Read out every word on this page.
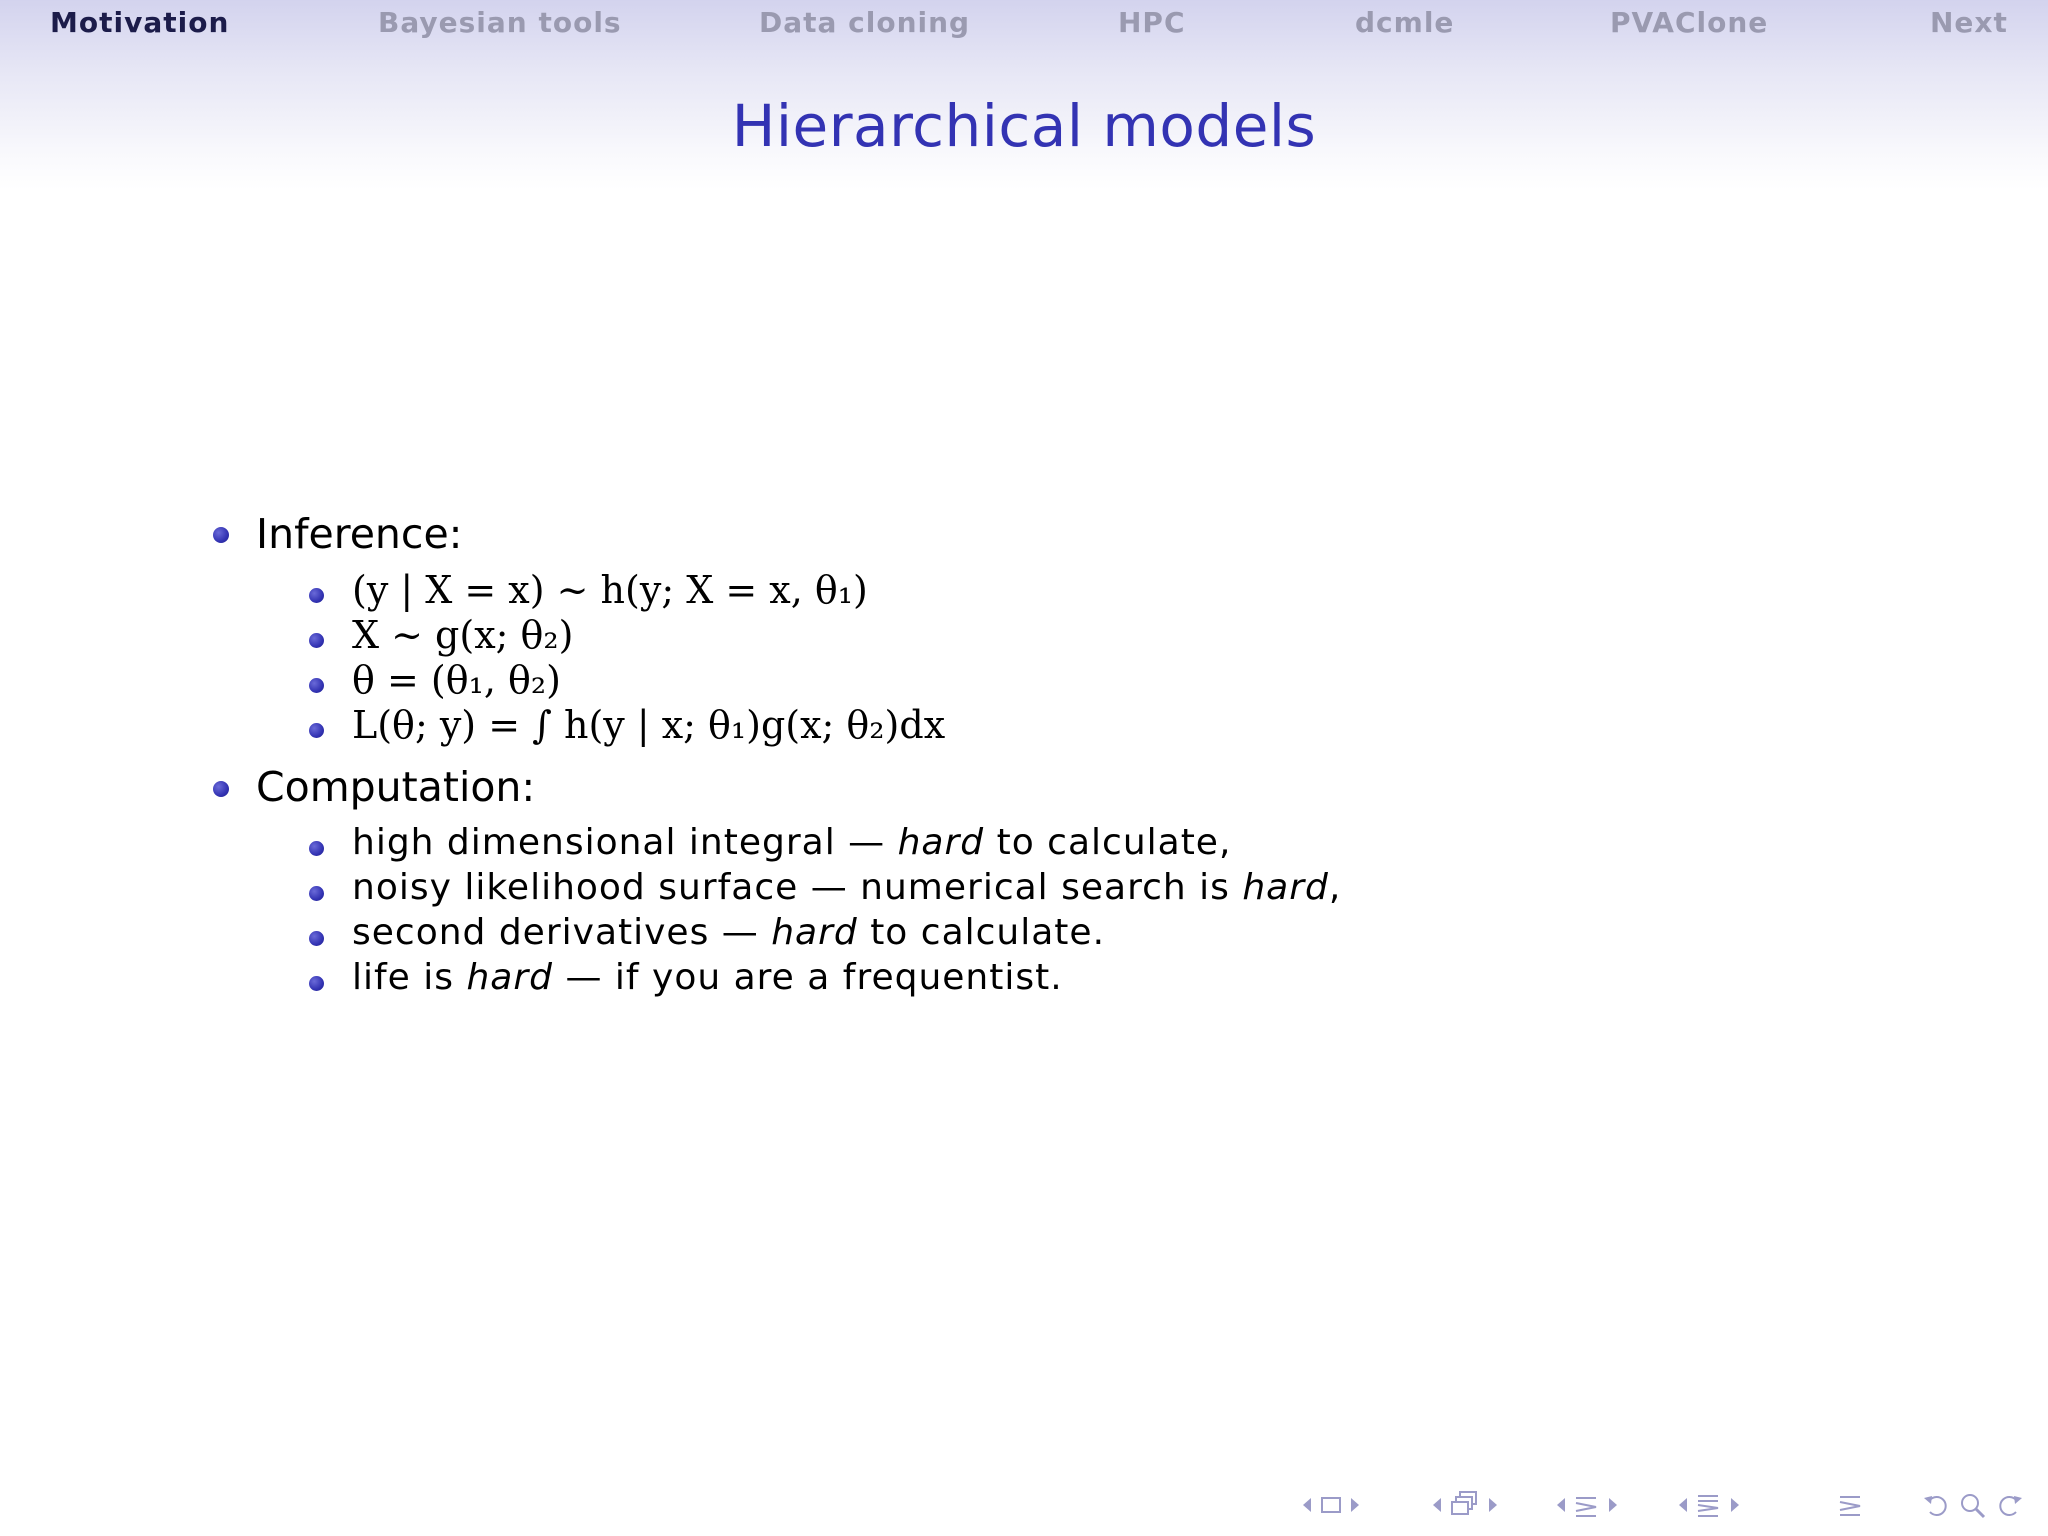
Motivation	Bayesian tools	Data cloning	HPC	dcmle	PVAClone	Next
Hierarchical models
Inference:
(y | X = x) ~ h(y; X = x, θ₁)
X ~ g(x; θ₂)
θ = (θ₁, θ₂)
L(θ; y) = ∫ h(y | x; θ₁)g(x; θ₂)dx
Computation:
high dimensional integral — hard to calculate,
noisy likelihood surface — numerical search is hard,
second derivatives — hard to calculate.
life is hard — if you are a frequentist.
